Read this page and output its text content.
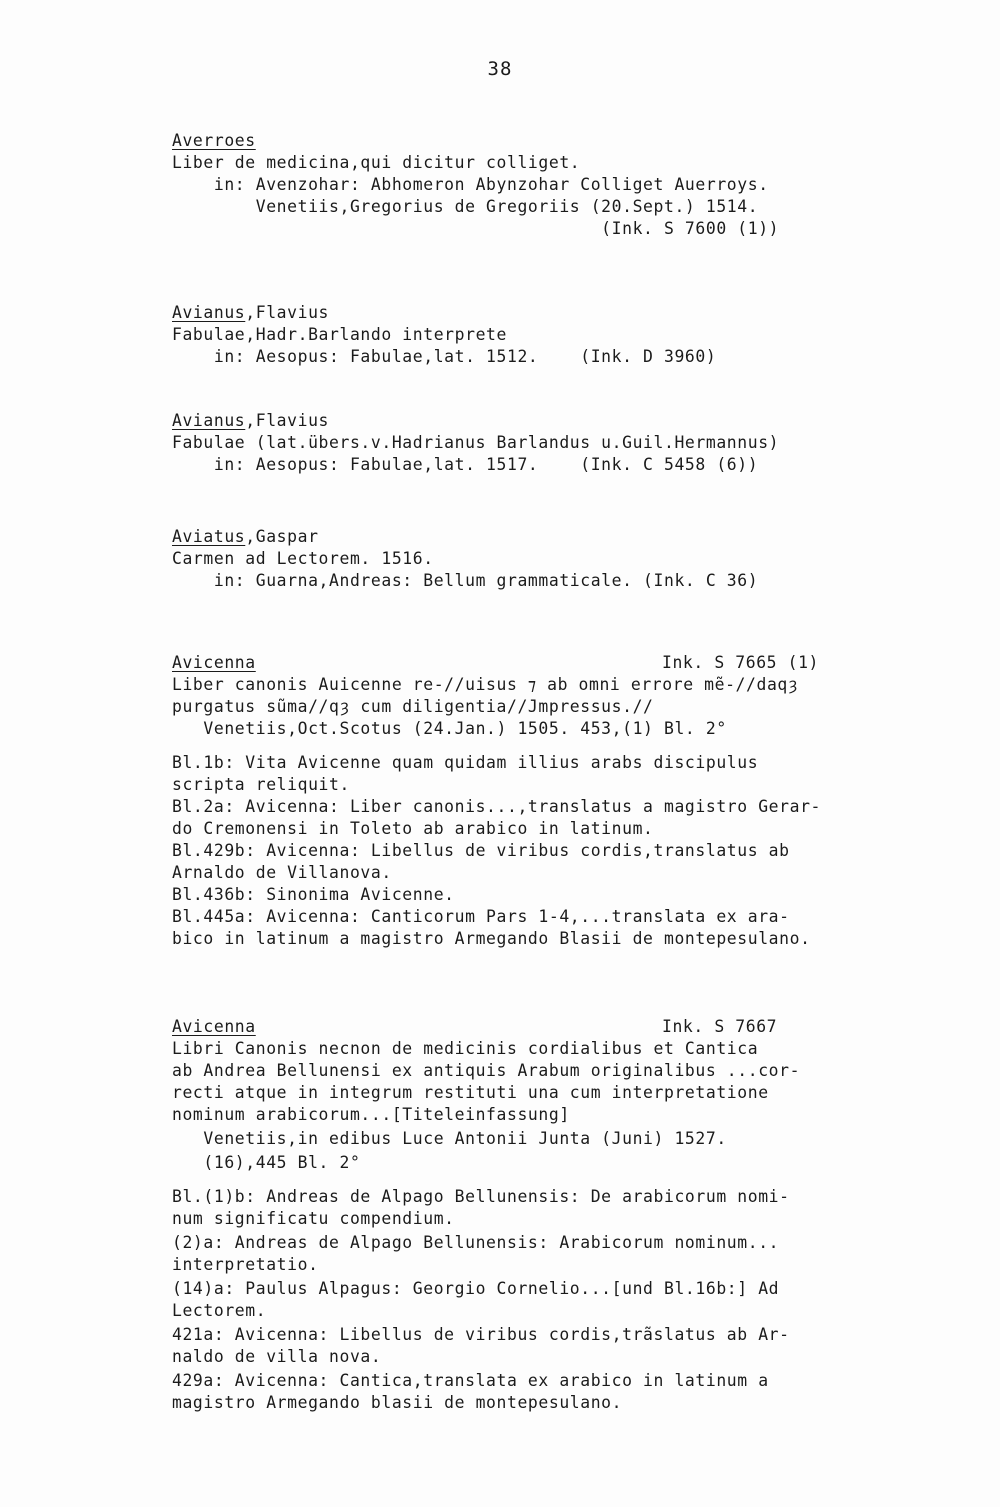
38
Averroes
Liber de medicina,qui dicitur colliget.
in: Avenzohar: Abhomeron Abynzohar Colliget Auerroys.
Venetiis,Gregorius de Gregoriis (20.Sept.) 1514.
(Ink. S 7600 (1))
Avianus,Flavius
Fabulae,Hadr.Barlando interprete
in: Aesopus: Fabulae,lat. 1512.    (Ink. D 3960)
Avianus,Flavius
Fabulae (lat.übers.v.Hadrianus Barlandus u.Guil.Hermannus)
in: Aesopus: Fabulae,lat. 1517.    (Ink. C 5458 (6))
Aviatus,Gaspar
Carmen ad Lectorem. 1516.
in: Guarna,Andreas: Bellum grammaticale. (Ink. C 36)
Avicenna	Ink. S 7665 (1)
Liber canonis Auicenne re-//uisus ⁊ ab omni errore mẽ-//daqȝ
purgatus sũma//qȝ cum diligentia//Jmpressus.//
Venetiis,Oct.Scotus (24.Jan.) 1505. 453,(1) Bl. 2°
Bl.1b: Vita Avicenne quam quidam illius arabs discipulus
scripta reliquit.
Bl.2a: Avicenna: Liber canonis...,translatus a magistro Gerar-
do Cremonensi in Toleto ab arabico in latinum.
Bl.429b: Avicenna: Libellus de viribus cordis,translatus ab
Arnaldo de Villanova.
Bl.436b: Sinonima Avicenne.
Bl.445a: Avicenna: Canticorum Pars 1-4,...translata ex ara-
bico in latinum a magistro Armegando Blasii de montepesulano.
Avicenna	Ink. S 7667
Libri Canonis necnon de medicinis cordialibus et Cantica
ab Andrea Bellunensi ex antiquis Arabum originalibus ...cor-
recti atque in integrum restituti una cum interpretatione
nominum arabicorum...[Titeleinfassung]
Venetiis,in edibus Luce Antonii Junta (Juni) 1527.
(16),445 Bl. 2°
Bl.(1)b: Andreas de Alpago Bellunensis: De arabicorum nomi-
num significatu compendium.
(2)a: Andreas de Alpago Bellunensis: Arabicorum nominum...
interpretatio.
(14)a: Paulus Alpagus: Georgio Cornelio...[und Bl.16b:] Ad
Lectorem.
421a: Avicenna: Libellus de viribus cordis,trãslatus ab Ar-
naldo de villa nova.
429a: Avicenna: Cantica,translata ex arabico in latinum a
magistro Armegando blasii de montepesulano.
